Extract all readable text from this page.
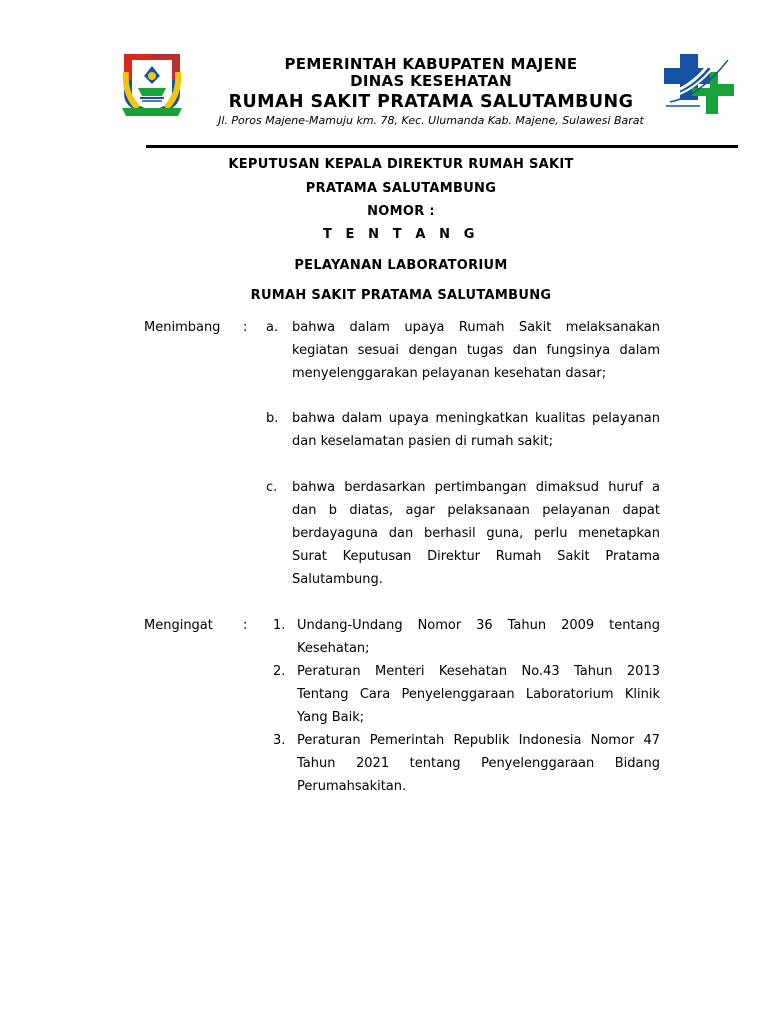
PEMERINTAH KABUPATEN MAJENE
DINAS KESEHATAN
RUMAH SAKIT PRATAMA SALUTAMBUNG
Jl. Poros Majene-Mamuju km. 78, Kec. Ulumanda Kab. Majene, Sulawesi Barat
KEPUTUSAN KEPALA DIREKTUR RUMAH SAKIT
PRATAMA SALUTAMBUNG
NOMOR :
T E N T A N G
PELAYANAN LABORATORIUM
RUMAH SAKIT PRATAMA SALUTAMBUNG
Menimbang	: a.	bahwa dalam upaya Rumah Sakit melaksanakan kegiatan sesuai dengan tugas dan fungsinya dalam menyelenggarakan pelayanan kesehatan dasar;
b.	bahwa dalam upaya meningkatkan kualitas pelayanan dan keselamatan pasien di rumah sakit;
c.	bahwa berdasarkan pertimbangan dimaksud huruf a dan b diatas, agar pelaksanaan pelayanan dapat berdayaguna dan berhasil guna, perlu menetapkan Surat Keputusan Direktur Rumah Sakit Pratama Salutambung.
Mengingat	: 1. Undang-Undang Nomor 36 Tahun 2009 tentang Kesehatan;
2. Peraturan Menteri Kesehatan No.43 Tahun 2013 Tentang Cara Penyelenggaraan Laboratorium Klinik Yang Baik;
3. Peraturan Pemerintah Republik Indonesia Nomor 47 Tahun 2021 tentang Penyelenggaraan Bidang Perumahsakitan.
